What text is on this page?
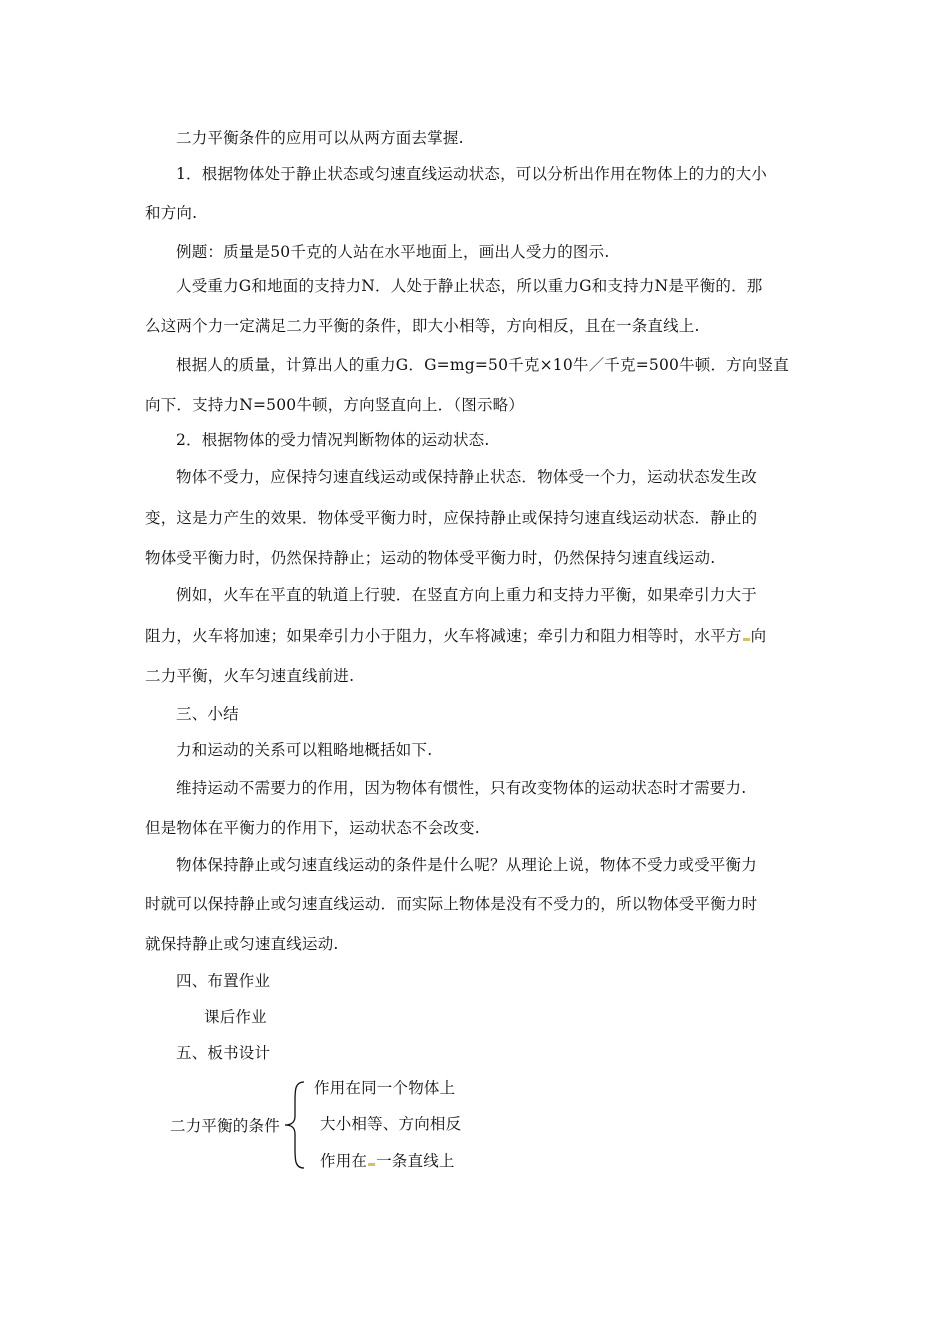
二力平衡条件的应用可以从两方面去掌握.
1．根据物体处于静止状态或匀速直线运动状态，可以分析出作用在物体上的力的大小
和方向.
例题：质量是50千克的人站在水平地面上，画出人受力的图示.
人受重力G和地面的支持力N．人处于静止状态，所以重力G和支持力N是平衡的．那
么这两个力一定满足二力平衡的条件，即大小相等，方向相反，且在一条直线上.
根据人的质量，计算出人的重力G．G=mg=50千克×10牛／千克=500牛顿．方向竖直
向下．支持力N=500牛顿，方向竖直向上．（图示略）
2．根据物体的受力情况判断物体的运动状态.
物体不受力，应保持匀速直线运动或保持静止状态．物体受一个力，运动状态发生改
变，这是力产生的效果．物体受平衡力时，应保持静止或保持匀速直线运动状态．静止的
物体受平衡力时，仍然保持静止；运动的物体受平衡力时，仍然保持匀速直线运动.
例如，火车在平直的轨道上行驶．在竖直方向上重力和支持力平衡，如果牵引力大于
阻力，火车将加速；如果牵引力小于阻力，火车将减速；牵引力和阻力相等时，水平方 向
二力平衡，火车匀速直线前进.
三、小结
力和运动的关系可以粗略地概括如下.
维持运动不需要力的作用，因为物体有惯性，只有改变物体的运动状态时才需要力.
但是物体在平衡力的作用下，运动状态不会改变.
物体保持静止或匀速直线运动的条件是什么呢？从理论上说，物体不受力或受平衡力
时就可以保持静止或匀速直线运动．而实际上物体是没有不受力的，所以物体受平衡力时
就保持静止或匀速直线运动.
四、布置作业
课后作业
五、板书设计
二力平衡的条件
作用在同一个物体上
大小相等、方向相反
作用在 一条直线上
